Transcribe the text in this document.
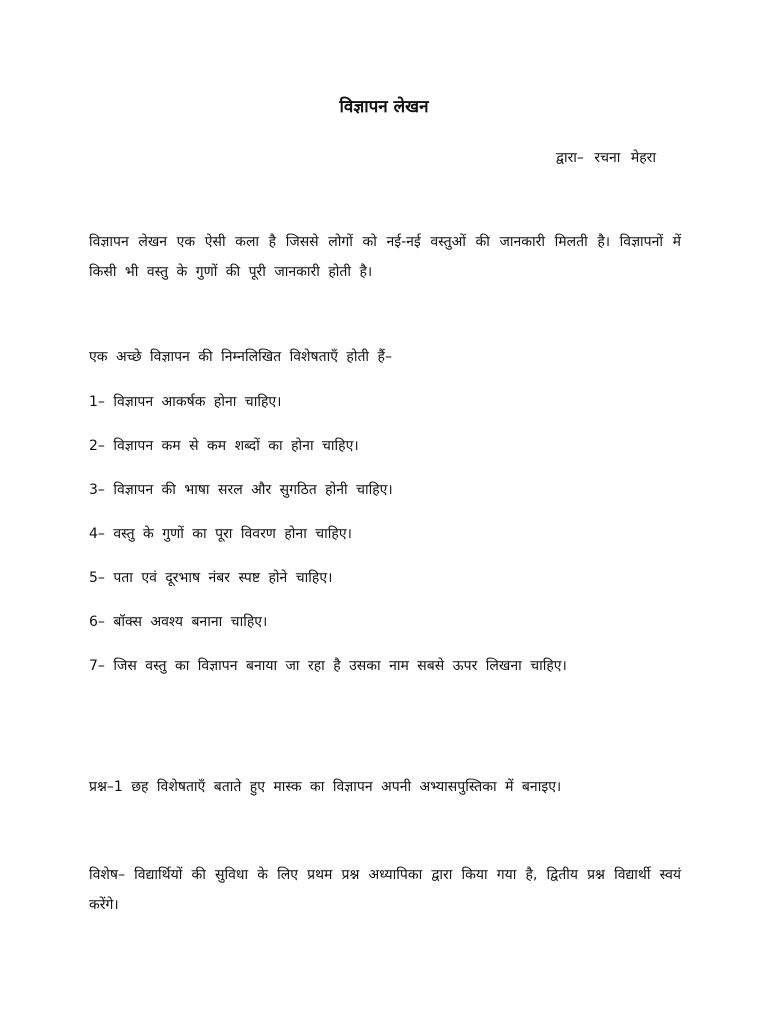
विज्ञापन लेखन
द्वारा– रचना मेहरा

विज्ञापन लेखन एक ऐसी कला है जिससे लोगों को नई-नई वस्तुओं की जानकारी मिलती है। विज्ञापनों में किसी भी वस्तु के गुणों की पूरी जानकारी होती है।

एक अच्छे विज्ञापन की निम्नलिखित विशेषताएँ होती हैं–

1– विज्ञापन आकर्षक होना चाहिए।
2– विज्ञापन कम से कम शब्दों का होना चाहिए।
3– विज्ञापन की भाषा सरल और सुगठित होनी चाहिए।
4– वस्तु के गुणों का पूरा विवरण होना चाहिए।
5– पता एवं दूरभाष नंबर स्पष्ट होने चाहिए।
6– बॉक्स अवश्य बनाना चाहिए।
7– जिस वस्तु का विज्ञापन बनाया जा रहा है उसका नाम सबसे ऊपर लिखना चाहिए।

प्रश्न–1 छह विशेषताएँ बताते हुए मास्क का विज्ञापन अपनी अभ्यासपुस्तिका में बनाइए।

विशेष– विद्यार्थियों की सुविधा के लिए प्रथम प्रश्न अध्यापिका द्वारा किया गया है, द्वितीय प्रश्न विद्यार्थी स्वयं करेंगे।
